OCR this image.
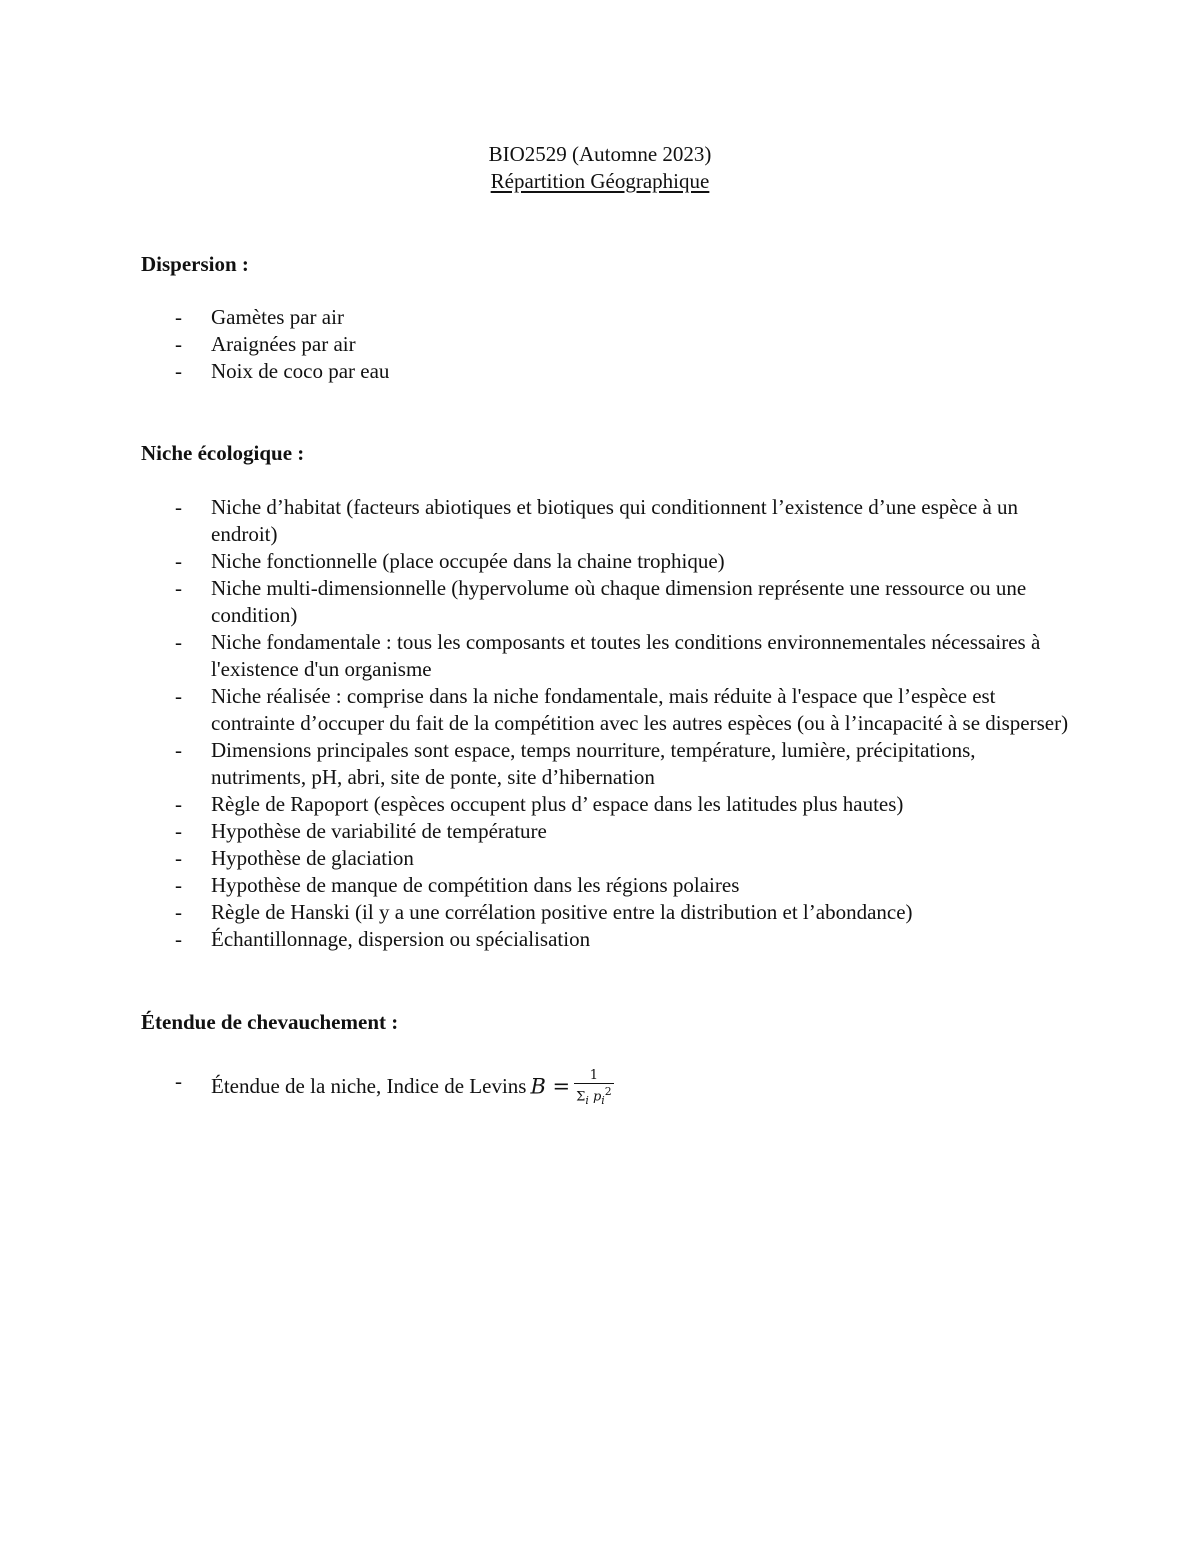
BIO2529 (Automne 2023)
Répartition Géographique

Dispersion :

- Gamètes par air
- Araignées par air
- Noix de coco par eau

Niche écologique :

- Niche d’habitat (facteurs abiotiques et biotiques qui conditionnent l’existence d’une espèce à un endroit)
- Niche fonctionnelle (place occupée dans la chaine trophique)
- Niche multi-dimensionnelle (hypervolume où chaque dimension représente une ressource ou une condition)
- Niche fondamentale : tous les composants et toutes les conditions environnementales nécessaires à l'existence d'un organisme
- Niche réalisée : comprise dans la niche fondamentale, mais réduite à l'espace que l’espèce est contrainte d’occuper du fait de la compétition avec les autres espèces (ou à l’incapacité à se disperser)
- Dimensions principales sont espace, temps nourriture, température, lumière, précipitations, nutriments, pH, abri, site de ponte, site d’hibernation
- Règle de Rapoport (espèces occupent plus d’ espace dans les latitudes plus hautes)
- Hypothèse de variabilité de température
- Hypothèse de glaciation
- Hypothèse de manque de compétition dans les régions polaires
- Règle de Hanski (il y a une corrélation positive entre la distribution et l’abondance)
- Échantillonnage, dispersion ou spécialisation

Étendue de chevauchement :

- Étendue de la niche, Indice de Levins $B = \frac{1}{\Sigma_i p_i^2}$
